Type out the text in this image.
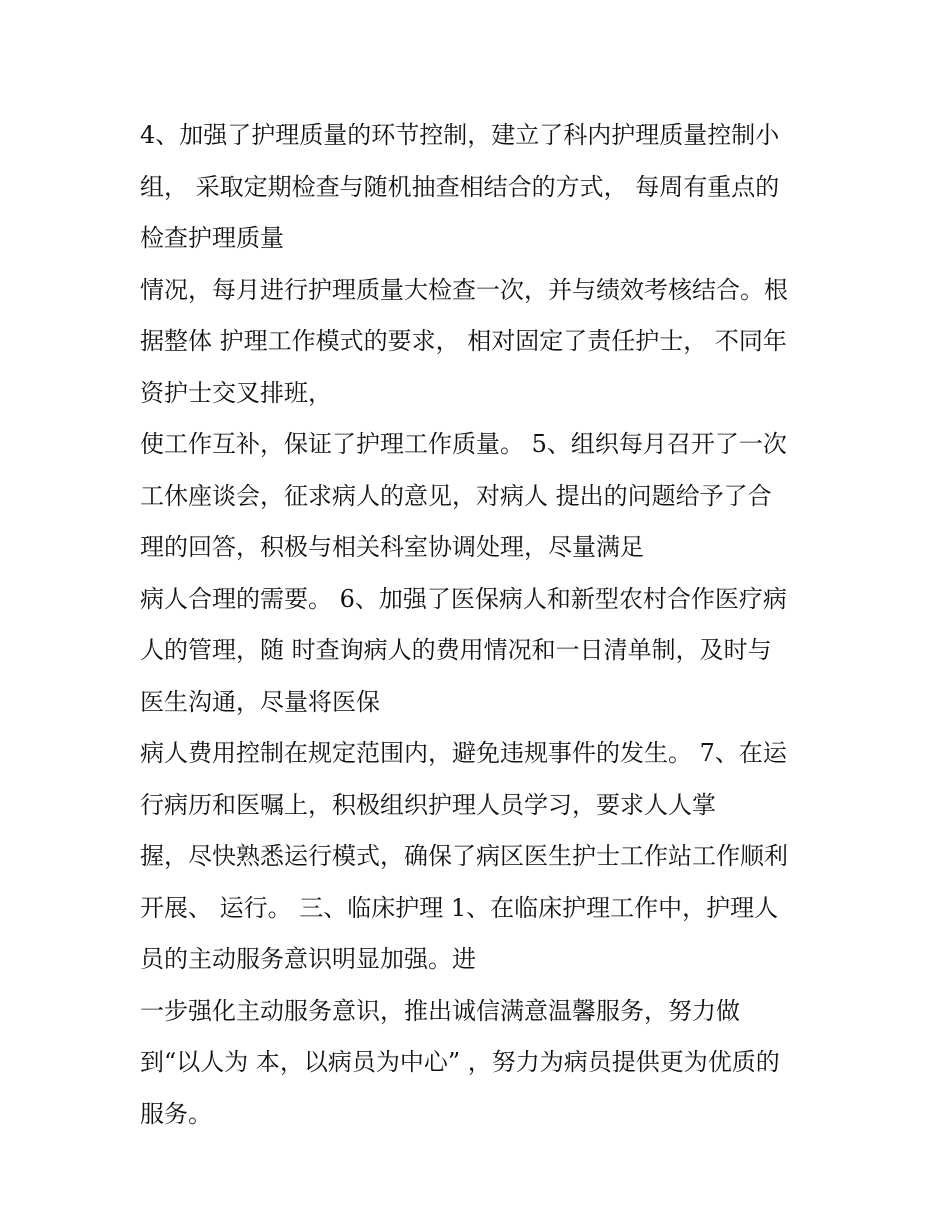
4、加强了护理质量的环节控制，建立了科内护理质量控制小
组， 采取定期检查与随机抽查相结合的方式， 每周有重点的
检查护理质量
情况，每月进行护理质量大检查一次，并与绩效考核结合。根
据整体 护理工作模式的要求， 相对固定了责任护士， 不同年
资护士交叉排班，
使工作互补，保证了护理工作质量。 5、组织每月召开了一次
工休座谈会，征求病人的意见，对病人 提出的问题给予了合
理的回答，积极与相关科室协调处理，尽量满足
病人合理的需要。 6、加强了医保病人和新型农村合作医疗病
人的管理，随 时查询病人的费用情况和一日清单制，及时与
医生沟通，尽量将医保
病人费用控制在规定范围内，避免违规事件的发生。 7、在运
行病历和医嘱上，积极组织护理人员学习，要求人人掌
握，尽快熟悉运行模式，确保了病区医生护士工作站工作顺利
开展、 运行。 三、临床护理 1、在临床护理工作中，护理人
员的主动服务意识明显加强。进
一步强化主动服务意识，推出诚信满意温馨服务，努力做
到“以人为 本，以病员为中心” ，努力为病员提供更为优质的
服务。
